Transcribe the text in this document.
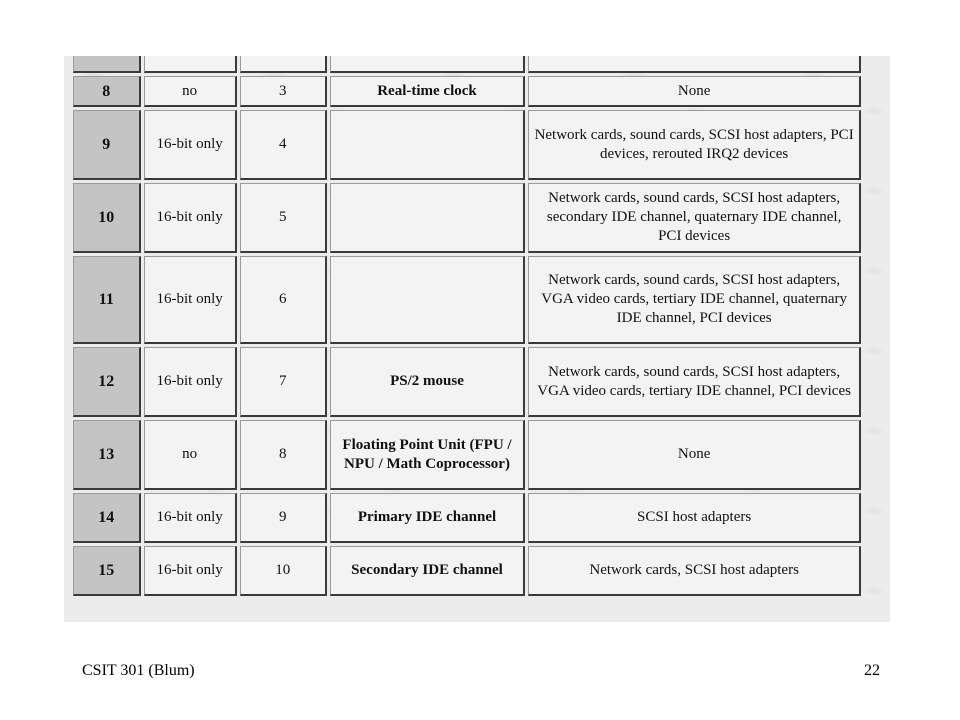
8	no	3	Real-time clock	None
9	16-bit only	4		Network cards, sound cards, SCSI host adapters, PCI devices, rerouted IRQ2 devices
10	16-bit only	5		Network cards, sound cards, SCSI host adapters, secondary IDE channel, quaternary IDE channel, PCI devices
11	16-bit only	6		Network cards, sound cards, SCSI host adapters, VGA video cards, tertiary IDE channel, quaternary IDE channel, PCI devices
12	16-bit only	7	PS/2 mouse	Network cards, sound cards, SCSI host adapters, VGA video cards, tertiary IDE channel, PCI devices
13	no	8	Floating Point Unit (FPU / NPU / Math Coprocessor)	None
14	16-bit only	9	Primary IDE channel	SCSI host adapters
15	16-bit only	10	Secondary IDE channel	Network cards, SCSI host adapters
CSIT 301 (Blum)	22
